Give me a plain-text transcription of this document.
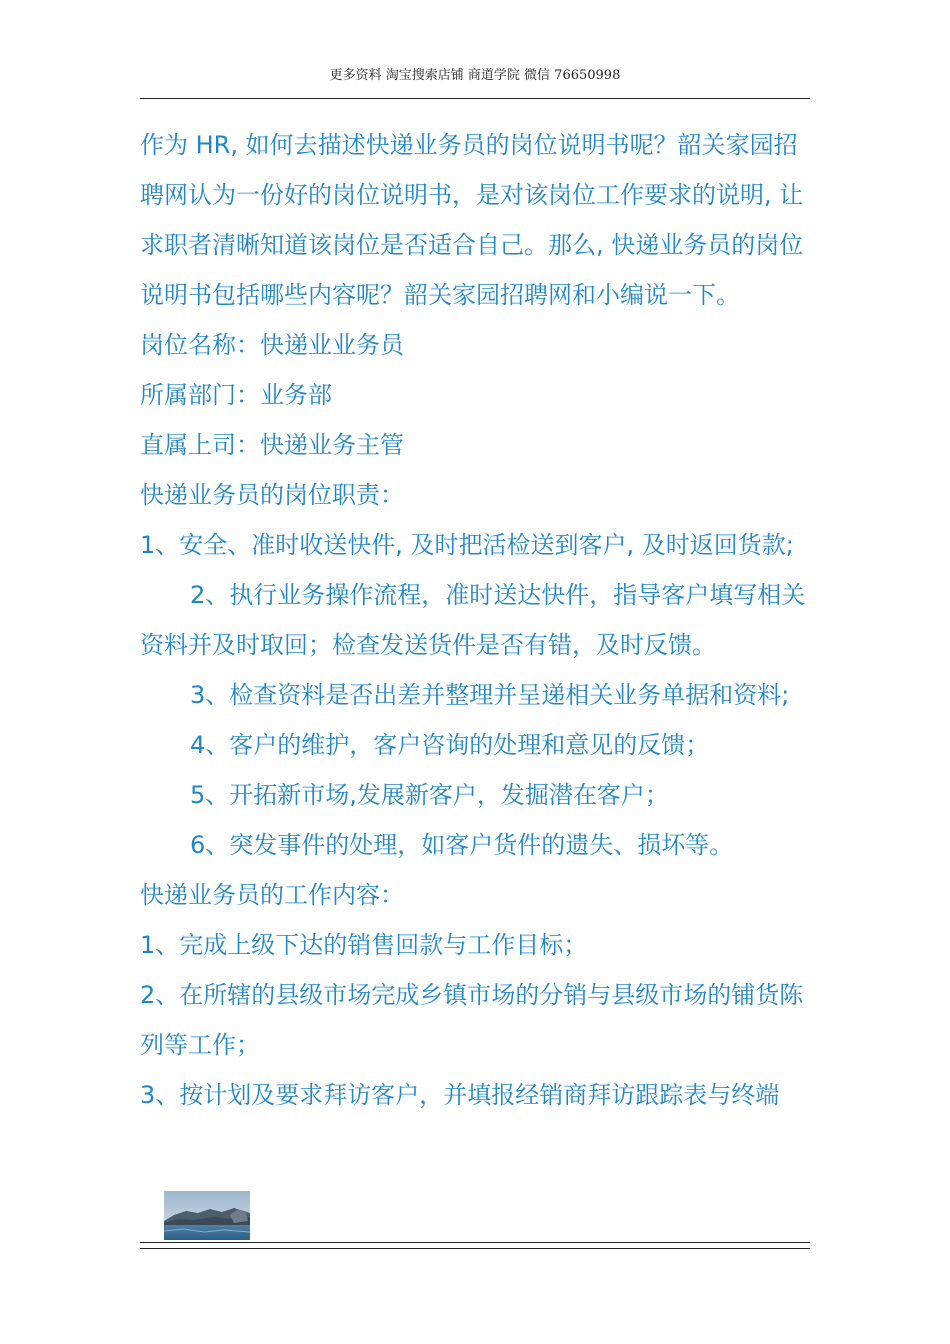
更多资料 淘宝搜索店铺 商道学院 微信 76650998

作为 HR, 如何去描述快递业务员的岗位说明书呢？韶关家园招聘网认为一份好的岗位说明书，是对该岗位工作要求的说明, 让求职者清晰知道该岗位是否适合自己。那么, 快递业务员的岗位说明书包括哪些内容呢？韶关家园招聘网和小编说一下。

岗位名称：快递业业务员

所属部门：业务部

直属上司：快递业务主管

快递业务员的岗位职责：

1、安全、准时收送快件, 及时把活检送到客户, 及时返回货款;

2、执行业务操作流程，准时送达快件，指导客户填写相关资料并及时取回；检查发送货件是否有错，及时反馈。

3、检查资料是否出差并整理并呈递相关业务单据和资料;

4、客户的维护，客户咨询的处理和意见的反馈；

5、开拓新市场,发展新客户，发掘潜在客户；

6、突发事件的处理，如客户货件的遗失、损坏等。

快递业务员的工作内容：

1、完成上级下达的销售回款与工作目标；

2、在所辖的县级市场完成乡镇市场的分销与县级市场的铺货陈列等工作；

3、按计划及要求拜访客户，并填报经销商拜访跟踪表与终端
